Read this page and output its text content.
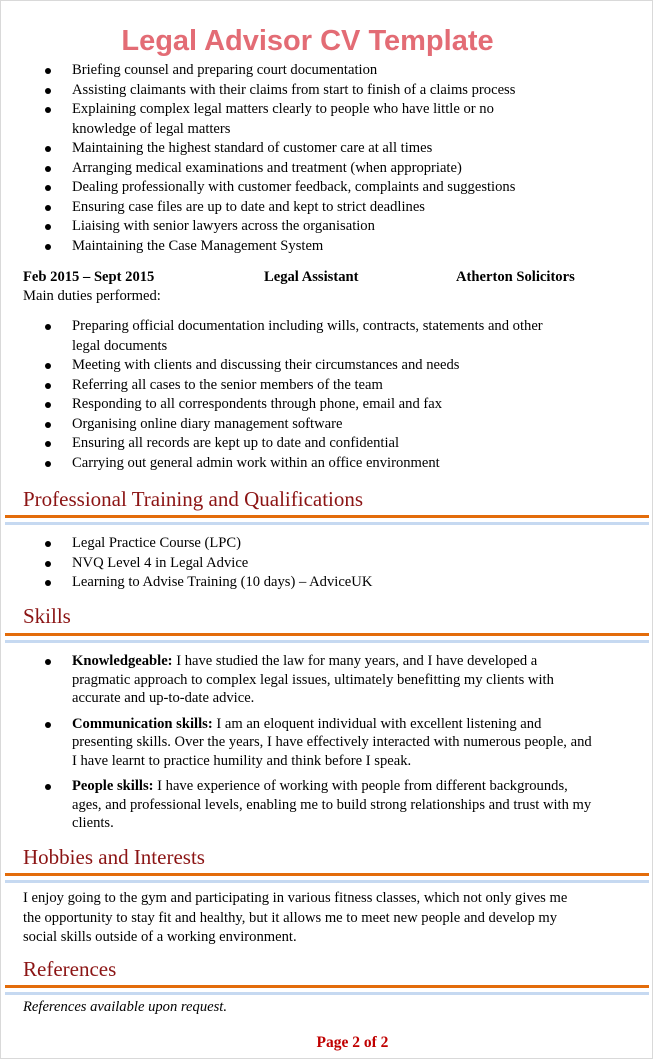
Legal Advisor CV Template
Briefing counsel and preparing court documentation
Assisting claimants with their claims from start to finish of a claims process
Explaining complex legal matters clearly to people who have little or no knowledge of legal matters
Maintaining the highest standard of customer care at all times
Arranging medical examinations and treatment (when appropriate)
Dealing professionally with customer feedback, complaints and suggestions
Ensuring case files are up to date and kept to strict deadlines
Liaising with senior lawyers across the organisation
Maintaining the Case Management System
Feb 2015 – Sept 2015	Legal Assistant	Atherton Solicitors

Main duties performed:

Preparing official documentation including wills, contracts, statements and other legal documents
Meeting with clients and discussing their circumstances and needs
Referring all cases to the senior members of the team
Responding to all correspondents through phone, email and fax
Organising online diary management software
Ensuring all records are kept up to date and confidential
Carrying out general admin work within an office environment
Professional Training and Qualifications
Legal Practice Course (LPC)
NVQ Level 4 in Legal Advice
Learning to Advise Training (10 days) – AdviceUK
Skills
Knowledgeable: I have studied the law for many years, and I have developed a pragmatic approach to complex legal issues, ultimately benefitting my clients with accurate and up-to-date advice.
Communication skills: I am an eloquent individual with excellent listening and presenting skills. Over the years, I have effectively interacted with numerous people, and I have learnt to practice humility and think before I speak.
People skills: I have experience of working with people from different backgrounds, ages, and professional levels, enabling me to build strong relationships and trust with my clients.
Hobbies and Interests

I enjoy going to the gym and participating in various fitness classes, which not only gives me the opportunity to stay fit and healthy, but it allows me to meet new people and develop my social skills outside of a working environment.

References

References available upon request.

Page 2 of 2
